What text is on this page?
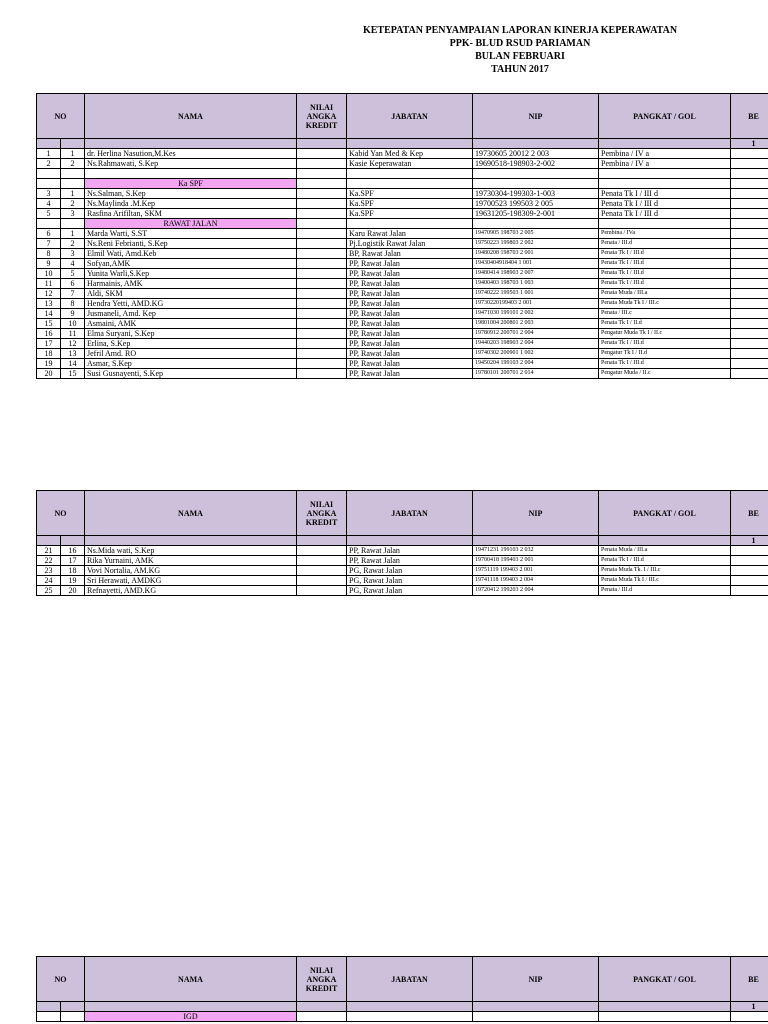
KETEPATAN PENYAMPAIAN LAPORAN KINERJA KEPERAWATAN
PPK- BLUD RSUD PARIAMAN
BULAN FEBRUARI
TAHUN 2017
NO		NAMA	NILAI ANGKA KREDIT	JABATAN	NIP	PANGKAT / GOL	BE
							1
1	1	dr. Herlina Nasution,M.Kes		Kabid Yan Med & Kep	19730605 20012 2 003	Pembina / IV a	
2	2	Ns.Rahmawati, S.Kep		Kasie Keperawatan	19690518-198903-2-002	Pembina / IV a	

		Ka SPF					
3	1	Ns.Salman, S.Kep		Ka.SPF	19730304-199303-1-003	Penata Tk I / III d	
4	2	Ns.Maylinda .M.Kep		Ka.SPF	19700523 199503 2 005	Penata Tk I / III d	
5	3	Rasfina Arifiltan, SKM		Ka.SPF	19631205-198309-2-001	Penata Tk I / III d	
		RAWAT JALAN					
6	1	Marda Warti, S.ST		Karu Rawat Jalan	19470905 198703 2 005	Pembina / IVa	
7	2	Ns.Reni Febrianti, S.Kep		Pj.Logistik Rawat Jalan	19750223 199803 2 002	Penata / III.d	
8	3	Elmil Wati, Amd.Keb		BP, Rawat Jalan	19480208 198703 2 001	Penata Tk I / III.d	
9	4	Sofyan,AMK		PP, Rawat Jalan	19430404918404 1 001	Penata Tk I / III.d	
10	5	Yunita Warli,S.Kep		PP, Rawat Jalan	19480414 198903 2 007	Penata Tk I / III.d	
11	6	Harmainis, AMK		PP, Rawat Jalan	19400403 198703 1 003	Penata Tk I / III.d	
12	7	Aldi, SKM		PP, Rawat Jalan	19740222 199503 1 001	Penata Muda / III.a	
13	8	Hendra Yetti, AMD.KG		PP, Rawat Jalan	19730220199403 2 001	Penata Muda Tk I / III.c	
14	9	Jusmaneli, Amd. Kep		PP, Rawat Jalan	19471030 199101 2 002	Penata / III.c	
15	10	Asmaini, AMK		PP, Rawat Jalan	19801004 200801 2 003	Penata Tk I / II.d	
16	11	Elma Suryani, S.Kep		PP, Rawat Jalan	19780912 200701 2 004	Pengatur Muda Tk I / II.c	
17	12	Erlina, S.Kep		PP, Rawat Jalan	19440203 198903 2 004	Penata Tk I / III.d	
18	13	Jefril Amd. RO		PP, Rawat Jalan	19740302 200901 1 002	Pengatur Tk I / II.d	
19	14	Asmar, S.Kep		PP, Rawat Jalan	19450204 199103 2 004	Penata Tk I / III.d	
20	15	Susi Gusnayenti, S.Kep		PP, Rawat Jalan	19780101 200701 2 014	Pengatur Muda / II.c	
NO		NAMA	NILAI ANGKA KREDIT	JABATAN	NIP	PANGKAT / GOL	BE
							1
21	16	Ns.Mida wati, S.Kep		PP, Rawat Jalan	19471231 199103 2 032	Penata Muda / III.a	
22	17	Rika Yurnaini, AMK		PP, Rawat Jalan	19700418 199403 2 001	Penata Tk I / III.d	
23	18	Vovi Nortalia, AM.KG		PG, Rawat Jalan	19751119 199403 2 001	Penata Muda Tk. I / III.c	
24	19	Sri Herawati, AMDKG		PG, Rawat Jalan	19741118 199403 2 004	Penata Muda Tk I / III.c	
25	20	Refnayetti, AMD.KG		PG, Rawat Jalan	19720412 199203 2 004	Penata / III.d	
NO		NAMA	NILAI ANGKA KREDIT	JABATAN	NIP	PANGKAT / GOL	BE
							1
		IGD					
